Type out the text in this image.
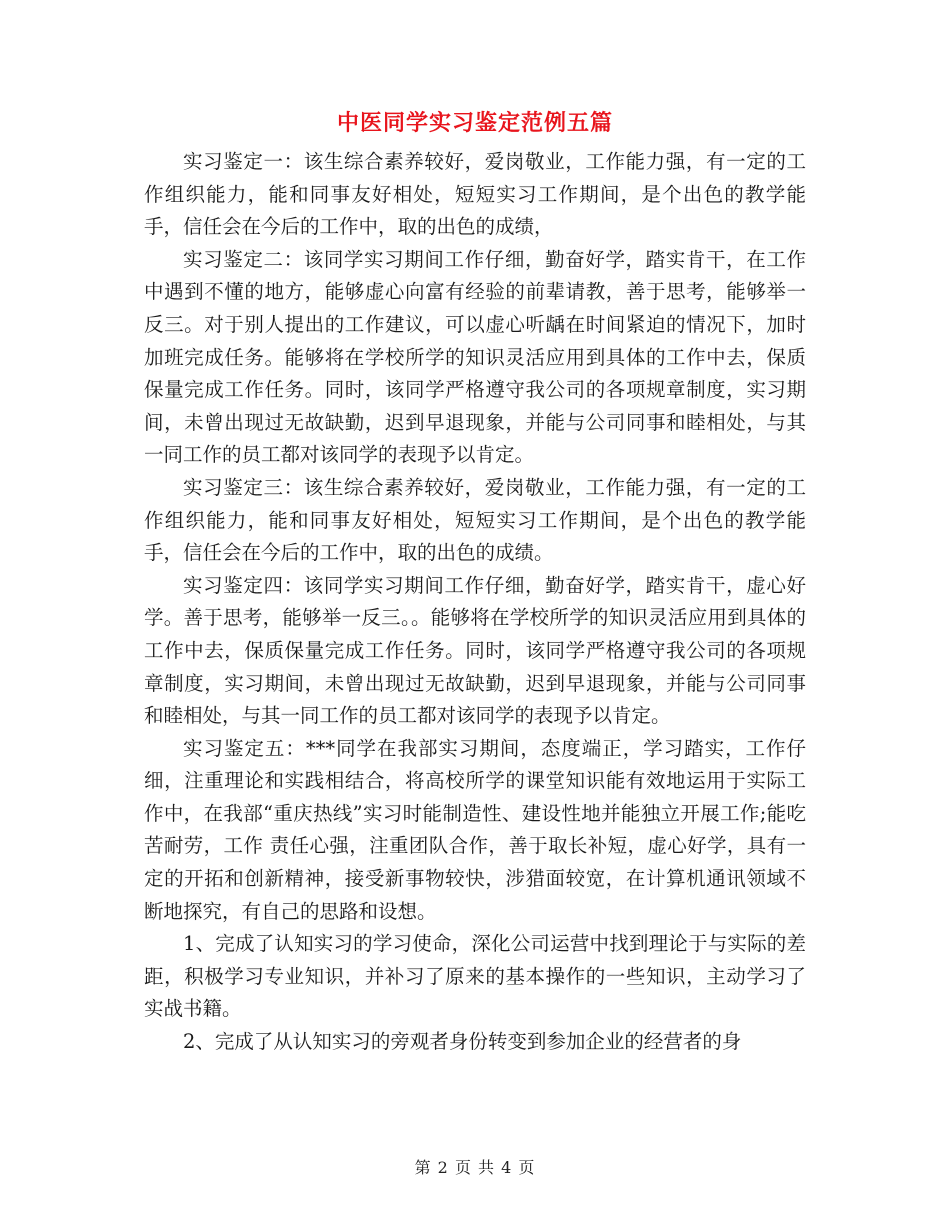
中医同学实习鉴定范例五篇

实习鉴定一：该生综合素养较好，爱岗敬业，工作能力强，有一定的工作组织能力，能和同事友好相处，短短实习工作期间，是个出色的教学能手，信任会在今后的工作中，取的出色的成绩，

实习鉴定二：该同学实习期间工作仔细，勤奋好学，踏实肯干，在工作中遇到不懂的地方，能够虚心向富有经验的前辈请教，善于思考，能够举一反三。对于别人提出的工作建议，可以虚心听龋在时间紧迫的情况下，加时加班完成任务。能够将在学校所学的知识灵活应用到具体的工作中去，保质保量完成工作任务。同时，该同学严格遵守我公司的各项规章制度，实习期间，未曾出现过无故缺勤，迟到早退现象，并能与公司同事和睦相处，与其一同工作的员工都对该同学的表现予以肯定。

实习鉴定三：该生综合素养较好，爱岗敬业，工作能力强，有一定的工作组织能力，能和同事友好相处，短短实习工作期间，是个出色的教学能手，信任会在今后的工作中，取的出色的成绩。

实习鉴定四：该同学实习期间工作仔细，勤奋好学，踏实肯干，虚心好学。善于思考，能够举一反三。。能够将在学校所学的知识灵活应用到具体的工作中去，保质保量完成工作任务。同时，该同学严格遵守我公司的各项规章制度，实习期间，未曾出现过无故缺勤，迟到早退现象，并能与公司同事和睦相处，与其一同工作的员工都对该同学的表现予以肯定。

实习鉴定五：***同学在我部实习期间，态度端正，学习踏实，工作仔细，注重理论和实践相结合，将高校所学的课堂知识能有效地运用于实际工作中，在我部“重庆热线”实习时能制造性、建设性地并能独立开展工作;能吃苦耐劳，工作 责任心强，注重团队合作，善于取长补短，虚心好学，具有一定的开拓和创新精神，接受新事物较快，涉猎面较宽，在计算机通讯领域不断地探究，有自己的思路和设想。

1、完成了认知实习的学习使命，深化公司运营中找到理论于与实际的差距，积极学习专业知识，并补习了原来的基本操作的一些知识，主动学习了实战书籍。

2、完成了从认知实习的旁观者身份转变到参加企业的经营者的身

第 2 页 共 4 页
